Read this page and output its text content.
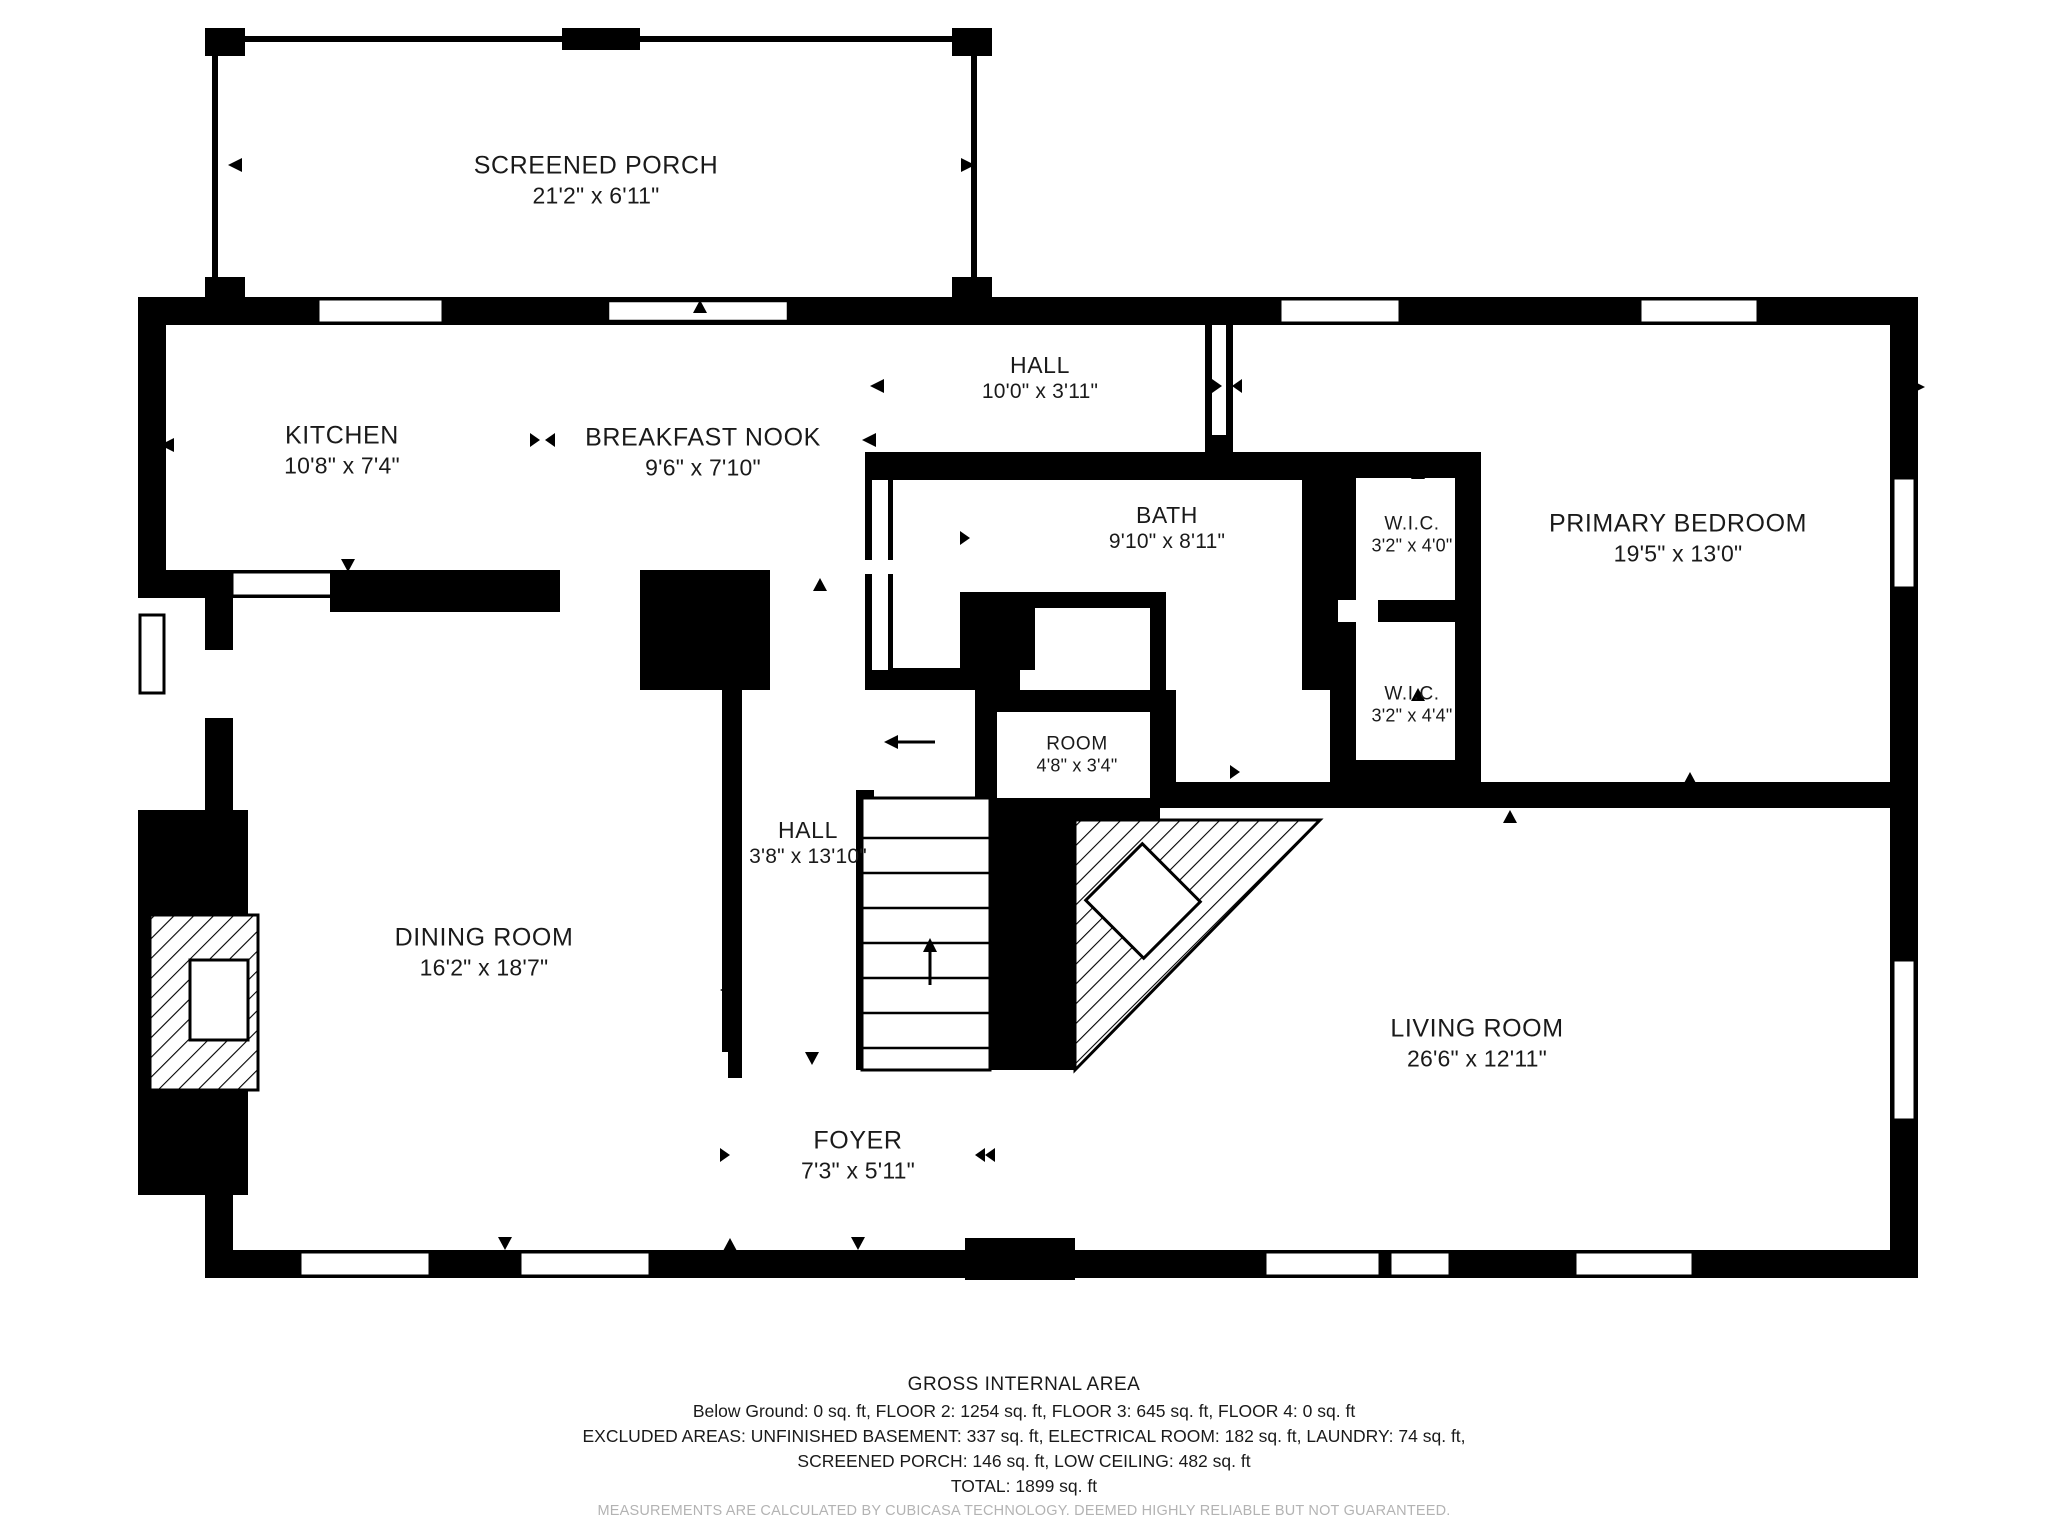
SCREENED PORCH
21'2" x 6'11"
HALL
10'0" x 3'11"
KITCHEN
10'8" x 7'4"
BREAKFAST NOOK
9'6" x 7'10"
BATH
9'10" x 8'11"
W.I.C.
3'2" x 4'0"
W.I.C.
3'2" x 4'4"
PRIMARY BEDROOM
19'5" x 13'0"
ROOM
4'8" x 3'4"
HALL
3'8" x 13'10"
DINING ROOM
16'2" x 18'7"
LIVING ROOM
26'6" x 12'11"
FOYER
7'3" x 5'11"
GROSS INTERNAL AREA
Below Ground: 0 sq. ft, FLOOR 2: 1254 sq. ft, FLOOR 3: 645 sq. ft, FLOOR 4: 0 sq. ft
EXCLUDED AREAS: UNFINISHED BASEMENT: 337 sq. ft, ELECTRICAL ROOM: 182 sq. ft, LAUNDRY: 74 sq. ft,
SCREENED PORCH: 146 sq. ft, LOW CEILING: 482 sq. ft
TOTAL: 1899 sq. ft
MEASUREMENTS ARE CALCULATED BY CUBICASA TECHNOLOGY. DEEMED HIGHLY RELIABLE BUT NOT GUARANTEED.
